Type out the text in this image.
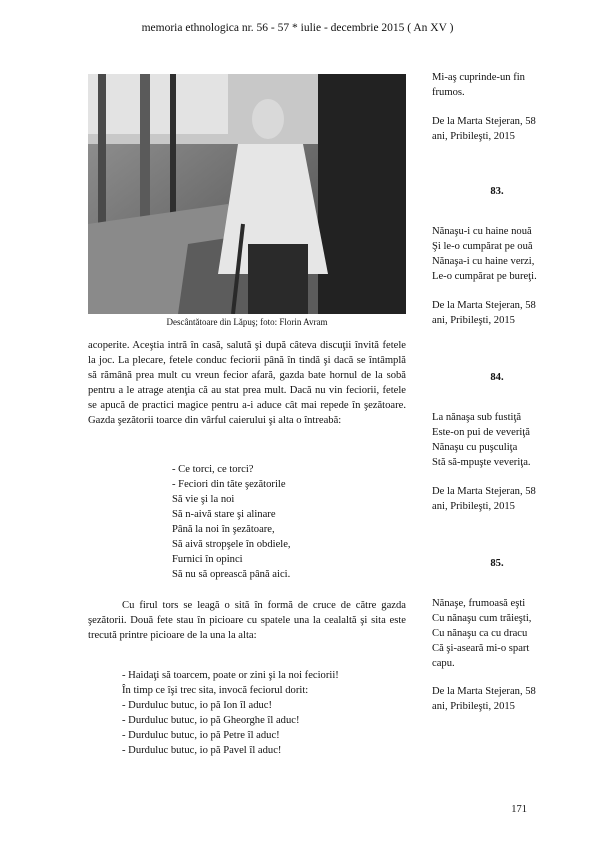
memoria ethnologica nr. 56 - 57 * iulie - decembrie 2015 ( An XV )
Descântătoare din Lăpuş; foto: Florin Avram

acoperite. Aceştia intră în casă, salută şi după câteva discuţii învită fetele la joc. La plecare, fetele conduc feciorii până în tindă şi dacă se întâmplă să rămână prea mult cu vreun fecior afară, gazda bate hornul de la sobă pentru a le atrage atenţia că au stat prea mult. Dacă nu vin feciorii, fetele se apucă de practici magice pentru a-i aduce cât mai repede în şezătoare. Gazda şezătorii toarce din vârful caierului şi alta o întreabă:

- Ce torci, ce torci?
- Feciori din tăte şezătorile
Să vie şi la noi
Să n-aivă stare şi alinare
Până la noi în şezătoare,
Să aivă stropşele în obdiele,
Furnici în opinci
Să nu să oprească până aici.

Cu firul tors se leagă o sită în formă de cruce de către gazda şezătorii. Două fete stau în picioare cu spatele una la cealaltă şi sita este trecută printre picioare de la una la alta:

- Haidaţi să toarcem, poate or zini şi la noi feciorii!
În timp ce îşi trec sita, invocă feciorul dorit:
- Durduluc butuc, io pă Ion îl aduc!
- Durduluc butuc, io pă Gheorghe îl aduc!
- Durduluc butuc, io pă Petre îl aduc!
- Durduluc butuc, io pă Pavel îl aduc!
Mi-aş cuprinde-un fin
frumos.
De la Marta Stejeran, 58
ani, Pribileşti, 2015
83.
Nănaşu-i cu haine nouă
Şi le-o cumpărat pe ouă
Nănaşa-i cu haine verzi,
Le-o cumpărat pe bureţi.
De la Marta Stejeran, 58
ani, Pribileşti, 2015
84.
La nănaşa sub fustiţă
Este-on pui de veveriţă
Nănaşu cu puşculiţa
Stă să-mpuşte veveriţa.
De la Marta Stejeran, 58
ani, Pribileşti, 2015
85.
Nănaşe, frumoasă eşti
Cu nănaşu cum trăieşti,
Cu nănaşu ca cu dracu
Că şi-aseară mi-o spart
capu.
De la Marta Stejeran, 58
ani, Pribileşti, 2015
171
